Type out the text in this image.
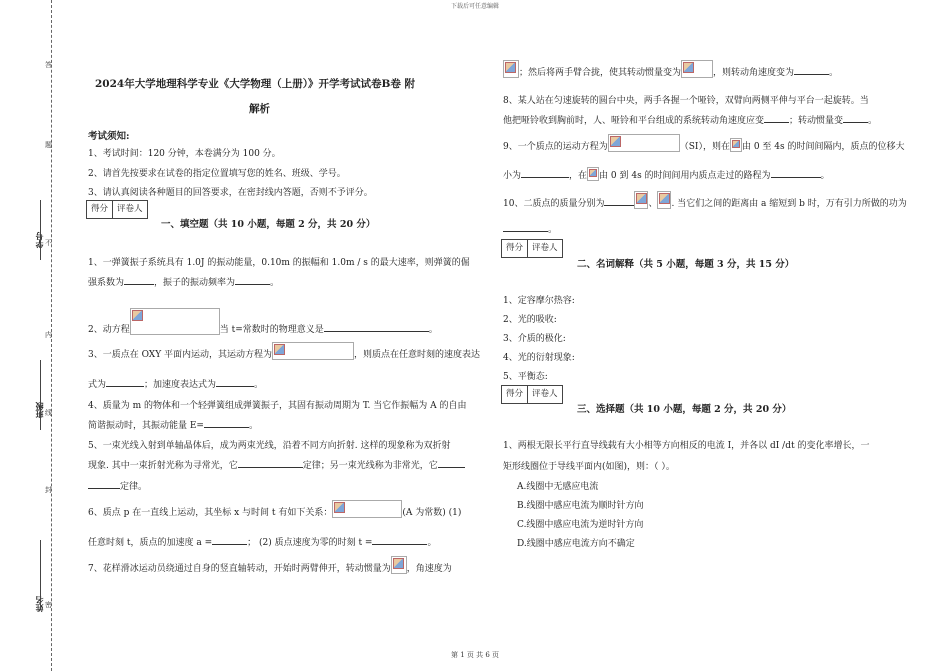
下载后可任意编辑
答
题
不
内
线
封
密
学号
班级
姓名
2024年大学地理科学专业《大学物理（上册）》开学考试试卷B卷 附
解析
考试须知:
1、考试时间：120 分钟，本卷满分为 100 分。
2、请首先按要求在试卷的指定位置填写您的姓名、班级、学号。
3、请认真阅读各种题目的回答要求，在密封线内答题，否则不予评分。
得分	评卷人
一、填空题（共 10 小题，每题 2 分，共 20 分）
1、一弹簧振子系统具有 1.0J 的振动能量，0.10m 的振幅和 1.0m / s 的最大速率，则弹簧的倔
强系数为	，振子的振动频率为	。
2、动方程	当 t=常数时的物理意义是	。
3、一质点在 OXY 平面内运动，其运动方程为	，则质点在任意时刻的速度表达
式为	；加速度表达式为	。
4、质量为 m 的物体和一个轻弹簧组成弹簧振子，其固有振动周期为 T. 当它作振幅为 A 的自由
简谐振动时，其振动能量 E=	。
5、一束光线入射到单轴晶体后，成为两束光线，沿着不同方向折射. 这样的现象称为双折射
现象. 其中一束折射光称为寻常光，它	定律；另一束光线称为非常光，它
定律。
6、质点 p 在一直线上运动，其坐标 x 与时间 t 有如下关系：	(A 为常数) (1)
任意时刻 t，质点的加速度 a =	； (2) 质点速度为零的时刻 t =	。
7、花样滑冰运动员绕通过自身的竖直轴转动，开始时两臂伸开，转动惯量为 ，角速度为
；然后将两手臂合拢，使其转动惯量变为	，则转动角速度变为	。
8、某人站在匀速旋转的圆台中央，两手各握一个哑铃，双臂向两侧平伸与平台一起旋转。当
他把哑铃收到胸前时，人、哑铃和平台组成的系统转动角速度应变	；转动惯量变	。
9、一个质点的运动方程为	（SI），则在 由 0 至 4s 的时间间隔内，质点的位移大
小为	，在 由 0 到 4s 的时间间用内质点走过的路程为	。
10、二质点的质量分别为	、 . 当它们之间的距离由 a 缩短到 b 时，万有引力所做的功为
。
得分	评卷人
二、名词解释（共 5 小题，每题 3 分，共 15 分）
1、定容摩尔热容:
2、光的吸收:
3、介质的极化:
4、光的衍射现象:
5、平衡态:
得分	评卷人
三、选择题（共 10 小题，每题 2 分，共 20 分）
1、两根无限长平行直导线载有大小相等方向相反的电流 I，并各以 dI /dt 的变化率增长，一
矩形线圈位于导线平面内(如图)，则：（ ）。
A.线圈中无感应电流
B.线圈中感应电流为顺时针方向
C.线圈中感应电流为逆时针方向
D.线圈中感应电流方向不确定
第 1 页 共 6 页
